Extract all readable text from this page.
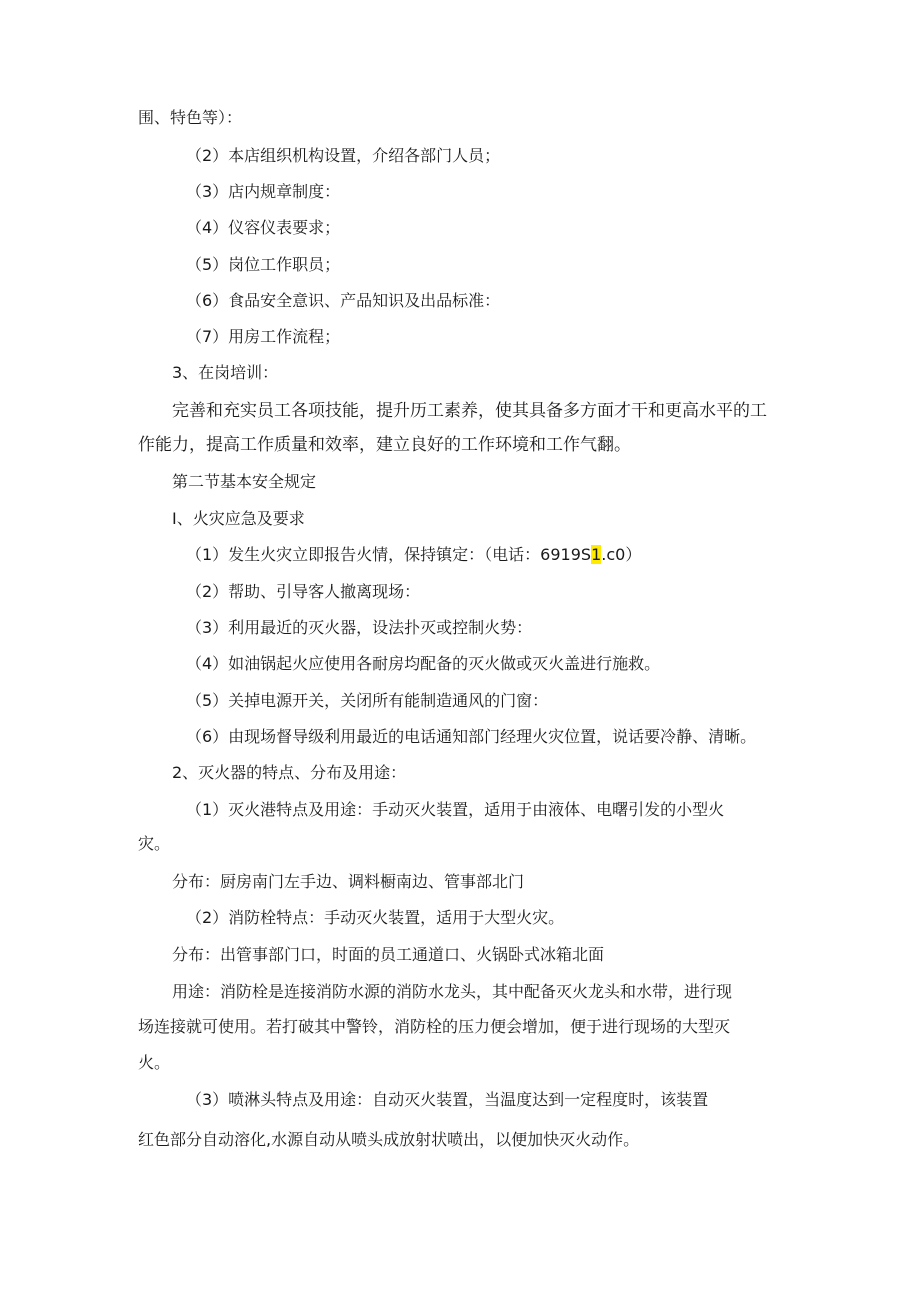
围、特色等）：
（2）本店组织机构设置，介绍各部门人员；
（3）店内规章制度：
（4）仪容仪表要求；
（5）岗位工作职员；
（6）食品安全意识、产品知识及出品标准：
（7）用房工作流程；
3、在岗培训：
完善和充实员工各项技能，提升历工素养，使其具备多方面才干和更高水平的工
作能力，提高工作质量和效率，建立良好的工作环境和工作气翻。
第二节基本安全规定
I、火灾应急及要求
（1）发生火灾立即报告火情，保持镇定：（电话：6919S1.c0）
（2）帮助、引导客人撤离现场：
（3）利用最近的灭火器，设法扑灭或控制火势：
（4）如油锅起火应使用各耐房均配备的灭火做或灭火盖进行施救。
（5）关掉电源开关，关闭所有能制造通风的门窗：
（6）由现场督导级利用最近的电话通知部门经理火灾位置，说话要冷静、清晰。
2、灭火器的特点、分布及用途：
（1）灭火港特点及用途：手动灭火装置，适用于由液体、电曙引发的小型火
灾。
分布：厨房南门左手边、调料橱南边、管事部北门
（2）消防栓特点：手动灭火装置，适用于大型火灾。
分布：出管事部门口，时面的员工通道口、火锅卧式冰箱北面
用途：消防栓是连接消防水源的消防水龙头，其中配备灭火龙头和水带，进行现
场连接就可使用。若打破其中警铃，消防栓的压力便会增加，便于进行现场的大型灭
火。
（3）喷淋头特点及用途：自动灭火装置，当温度达到一定程度时，该装置
红色部分自动溶化,水源自动从喷头成放射状喷出，以便加快灭火动作。
